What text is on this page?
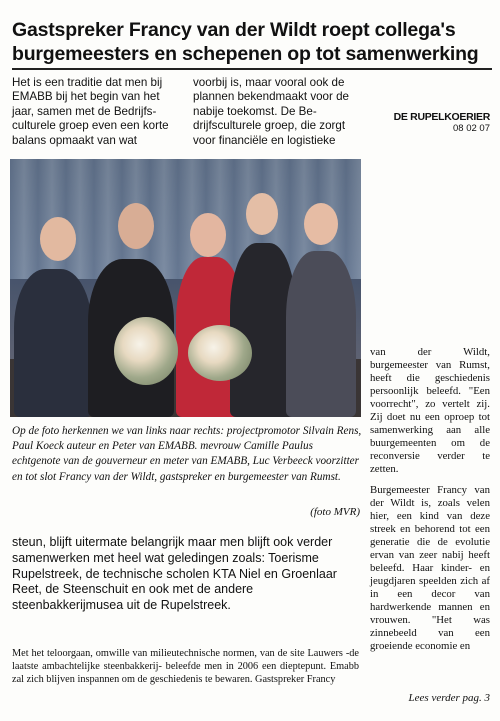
Gastspreker Francy van der Wildt roept collega's burgemeesters en schepenen op tot samenwerking
Het is een traditie dat men bij EMABB bij het begin van het jaar, samen met de Bedrijfs-culturele groep even een korte balans opmaakt van wat
voorbij is, maar vooral ook de plannen bekendmaakt voor de nabije toekomst. De Be-drijfsculturele groep, die zorgt voor financiële en logistieke
DE RUPELKOERIER
08 02 07
Op de foto herkennen we van links naar rechts: projectpromotor Silvain Rens, Paul Koeck auteur en Peter van EMABB. mevrouw Camille Paulus echtgenote van de gouverneur en meter van EMABB, Luc Verbeeck voorzitter en tot slot Francy van der Wildt, gastspreker en burgemeester van Rumst.
(foto MVR)
steun, blijft uitermate belangrijk maar men blijft ook verder samenwerken met heel wat geledingen zoals: Toerisme Rupelstreek, de technische scholen KTA Niel en Groenlaar Reet, de Steenschuit en ook met de andere steenbakkerijmusea uit de Rupelstreek.
Met het teloorgaan, omwille van milieutechnische normen, van de site Lauwers -de laatste ambachtelijke steenbakkerij- beleefde men in 2006 een dieptepunt. Emabb zal zich blijven inspannen om de geschiedenis te bewaren. Gastspreker Francy

van der Wildt, burgemeester van Rumst, heeft die geschiedenis persoonlijk beleefd. "Een voorrecht", zo vertelt zij. Zij doet nu een oproep tot samenwerking aan alle buurgemeenten om de reconversie verder te zetten.

Burgemeester Francy van der Wildt is, zoals velen hier, een kind van deze streek en behorend tot een generatie die de evolutie ervan van zeer nabij heeft beleefd. Haar kinder- en jeugdjaren speelden zich af in een decor van hardwerkende mannen en vrouwen. "Het was zinnebeeld van een groeiende economie en

Lees verder pag. 3
